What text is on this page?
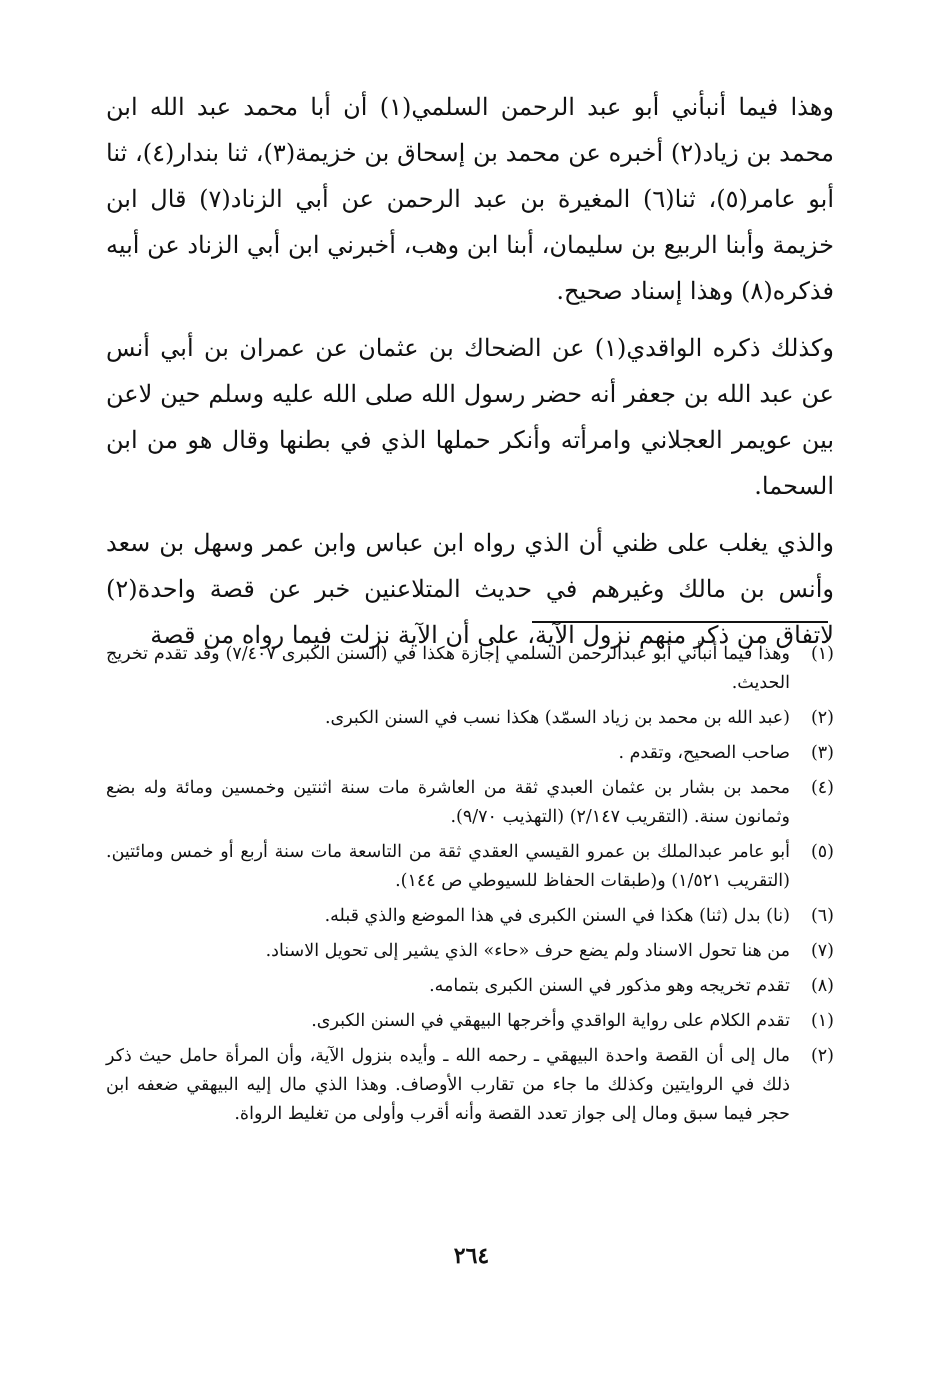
وهذا فيما أنبأني أبو عبد الرحمن السلمي(١) أن أبا محمد عبد الله ابن محمد بن زياد(٢) أخبره عن محمد بن إسحاق بن خزيمة(٣)، ثنا بندار(٤)، ثنا أبو عامر(٥)، ثنا(٦) المغيرة بن عبد الرحمن عن أبي الزناد(٧) قال ابن خزيمة وأبنا الربيع بن سليمان، أبنا ابن وهب، أخبرني ابن أبي الزناد عن أبيه فذكره(٨) وهذا إسناد صحيح.

وكذلك ذكره الواقدي(١) عن الضحاك بن عثمان عن عمران بن أبي أنس عن عبد الله بن جعفر أنه حضر رسول الله صلى الله عليه وسلم حين لاعن بين عويمر العجلاني وامرأته وأنكر حملها الذي في بطنها وقال هو من ابن السحما.

والذي يغلب على ظني أن الذي رواه ابن عباس وابن عمر وسهل بن سعد وأنس بن مالك وغيرهم في حديث المتلاعنين خبر عن قصة واحدة(٢) لاتفاق من ذكر منهم نزول الآية، على أن الآية نزلت فيما رواه من قصة

(١)
وهذا فيما أنبأني أبو عبدالرحمن السلمي إجازة هكذا في (السنن الكبرى ٧/٤٠٧) وقد تقدم تخريج الحديث.
(٢)
(عبد الله بن محمد بن زياد السمّد) هكذا نسب في السنن الكبرى.
(٣)
صاحب الصحيح، وتقدم .
(٤)
محمد بن بشار بن عثمان العبدي ثقة من العاشرة مات سنة اثنتين وخمسين ومائة وله بضع وثمانون سنة. (التقريب ٢/١٤٧) (التهذيب ٩/٧٠).
(٥)
أبو عامر عبدالملك بن عمرو القيسي العقدي ثقة من التاسعة مات سنة أربع أو خمس ومائتين. (التقريب ١/٥٢١) و(طبقات الحفاظ للسيوطي ص ١٤٤).
(٦)
(نا) بدل (ثنا) هكذا في السنن الكبرى في هذا الموضع والذي قبله.
(٧)
من هنا تحول الاسناد ولم يضع حرف «حاء» الذي يشير إلى تحويل الاسناد.
(٨)
تقدم تخريجه وهو مذكور في السنن الكبرى بتمامه.
(١)
تقدم الكلام على رواية الواقدي وأخرجها البيهقي في السنن الكبرى.
(٢)
مال إلى أن القصة واحدة البيهقي ـ رحمه الله ـ وأيده بنزول الآية، وأن المرأة حامل حيث ذكر ذلك في الروايتين وكذلك ما جاء من تقارب الأوصاف. وهذا الذي مال إليه البيهقي ضعفه ابن حجر فيما سبق ومال إلى جواز تعدد القصة وأنه أقرب وأولى من تغليط الرواة.
٢٦٤
